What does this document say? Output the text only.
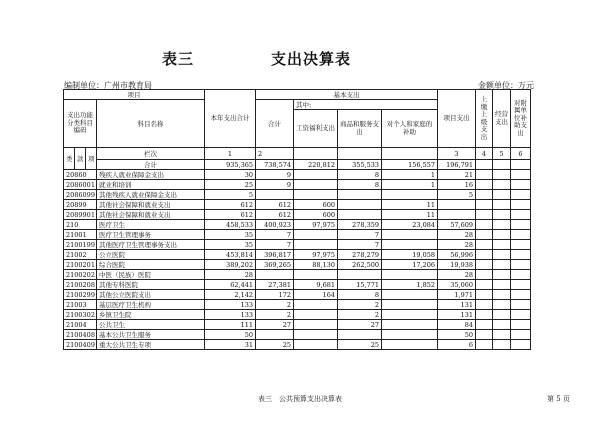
表三	支出决算表
编制单位：广州市教育局	金额单位：万元
项目				本年支出合计	基本支出				项目支出	上缴上级支出	经营支出	对附属单位补助支出
支出功能分类科目编码			科目名称		合计	其中:						
						工资福利支出	商品和服务支出	对个人和家庭的补助				
类	款	项	栏次	1	2				3	4	5	6
			合计	935,365	738,574	220,812	355,533	156,557	196,791			
20860			残疾人就业保障金支出	30	9		8	1	21			
2086001			就业和培训	25	9		8	1	16			
2086099			其他残疾人就业保障金支出	5					5			
20899			其他社会保障和就业支出	612	612	600		11				
2089901			其他社会保障和就业支出	612	612	600		11				
210			医疗卫生	458,533	400,923	97,975	278,359	23,084	57,609			
21001			医疗卫生管理事务	35	7		7		28			
2100199			其他医疗卫生管理事务支出	35	7		7		28			
21002			公立医院	453,814	396,817	97,975	278,279	19,058	56,996			
2100201			综合医院	389,202	369,265	88,130	262,500	17,206	19,938			
2100202			中医（民族）医院	28					28			
2100208			其他专科医院	62,441	27,381	9,681	15,771	1,852	35,060			
2100299			其他公立医院支出	2,142	172	164	8		1,971			
21003			基层医疗卫生机构	133	2		2		131			
2100302			乡镇卫生院	133	2		2		131			
21004			公共卫生	111	27		27		84			
2100408			基本公共卫生服务	50					50			
2100409			重大公共卫生专项	31	25		25		6			
表三　公共预算支出决算表	第 5 页
